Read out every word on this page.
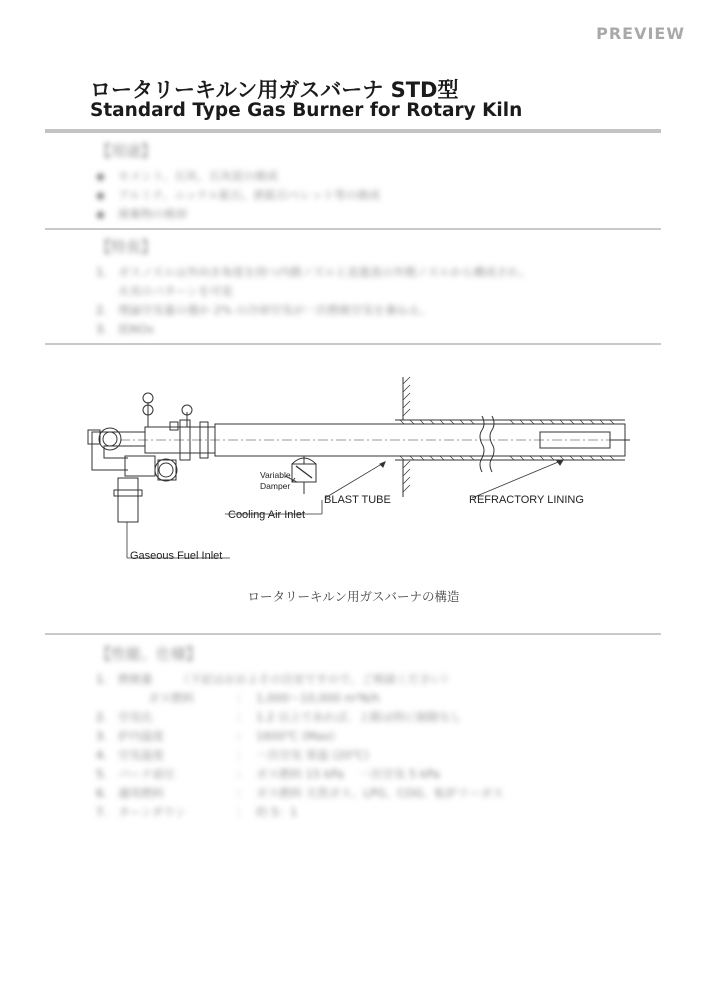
PREVIEW
ロータリーキルン用ガスバーナ STD型
Standard Type Gas Burner for Rotary Kiln
【用途】
◆ セメント、石灰、石灰泥の焼成
◆ アルミナ、ニッケル鉱石、鉄鉱石ペレット等の焼成
◆ 廃棄物の焼却
【特長】
1. ガスノズルは外向き角度を持つ内側ノズルと直進流の外側ノズルから構成され、
火炎のパターンを可変
2. 理論空気量の僅か 2% の冷却空気が一次燃焼空気を兼ねる。
3. 低NOx
Variable
Damper
BLAST TUBE	REFRACTORY LINING
Cooling Air Inlet
Gaseous Fuel Inlet
ロータリーキルン用ガスバーナの構造
【性能、仕様】
1. 燃焼量 （下記はおおよその目安ですので、ご相談ください）
ガス燃料	： 1,000～10,000 m³N/h
2. 空気比	： 1.2 以上であれば、上限は特に制限なし
3. 炉内温度	： 1600℃ (Max)
4. 空気温度	： 一次空気 常温 (20℃)
5. バーナ前圧	： ガス燃料 15 kPa　 一次空気 5 kPa
6. 適用燃料	： ガス燃料 天然ガス、LPG、COG、転炉リーガス
7. ターンダウン	： 約 5：1
